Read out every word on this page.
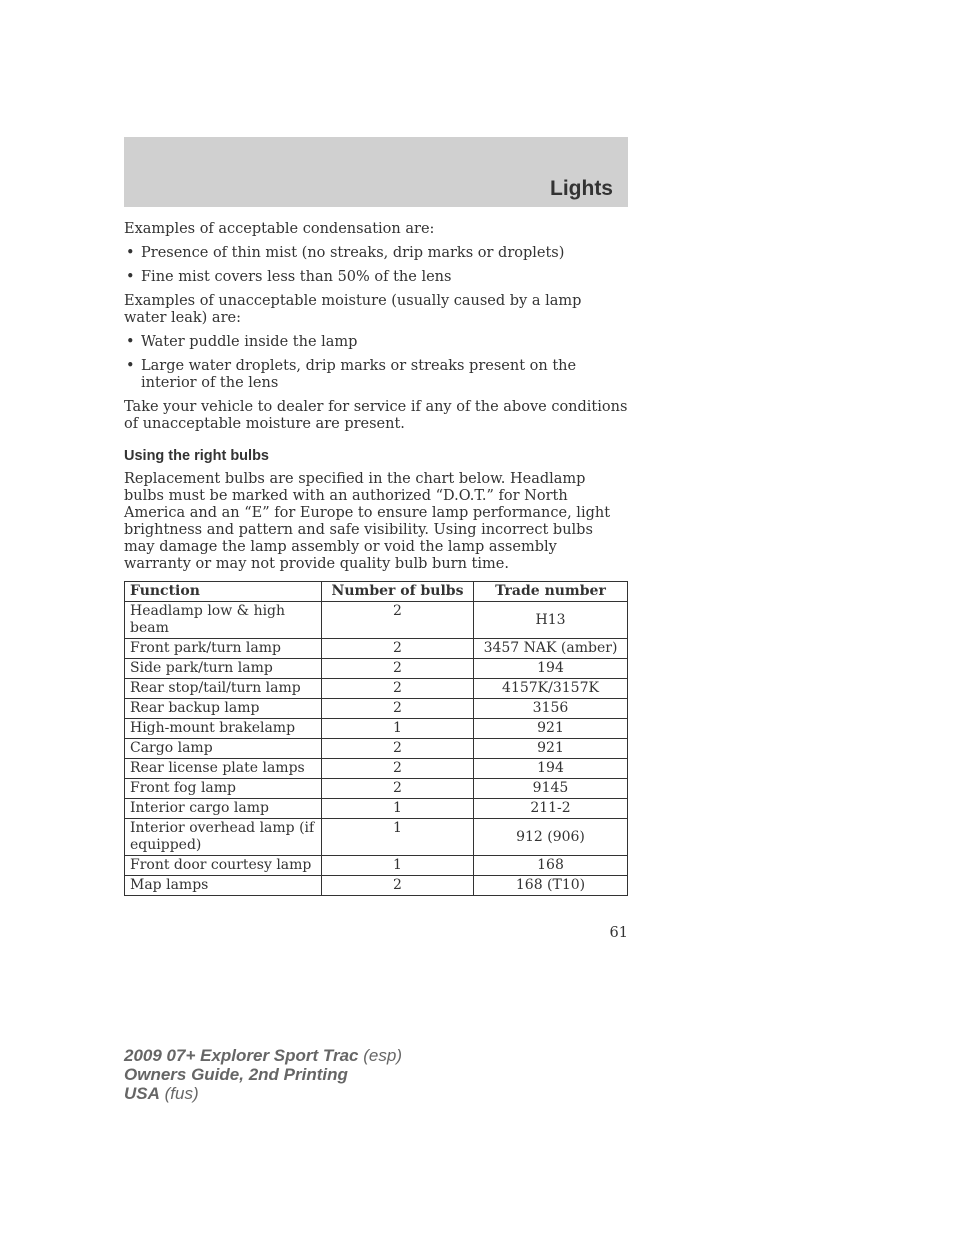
Lights

Examples of acceptable condensation are:

• Presence of thin mist (no streaks, drip marks or droplets)
• Fine mist covers less than 50% of the lens

Examples of unacceptable moisture (usually caused by a lamp water leak) are:

• Water puddle inside the lamp
• Large water droplets, drip marks or streaks present on the interior of the lens

Take your vehicle to dealer for service if any of the above conditions of unacceptable moisture are present.

Using the right bulbs

Replacement bulbs are specified in the chart below. Headlamp bulbs must be marked with an authorized “D.O.T.” for North America and an “E” for Europe to ensure lamp performance, light brightness and pattern and safe visibility. Using incorrect bulbs may damage the lamp assembly or void the lamp assembly warranty or may not provide quality bulb burn time.

Function	Number of bulbs	Trade number
Headlamp low & high beam	2	H13
Front park/turn lamp	2	3457 NAK (amber)
Side park/turn lamp	2	194
Rear stop/tail/turn lamp	2	4157K/3157K
Rear backup lamp	2	3156
High-mount brakelamp	1	921
Cargo lamp	2	921
Rear license plate lamps	2	194
Front fog lamp	2	9145
Interior cargo lamp	1	211-2
Interior overhead lamp (if equipped)	1	912 (906)
Front door courtesy lamp	1	168
Map lamps	2	168 (T10)
61
2009 07+ Explorer Sport Trac (esp)
Owners Guide, 2nd Printing
USA (fus)
